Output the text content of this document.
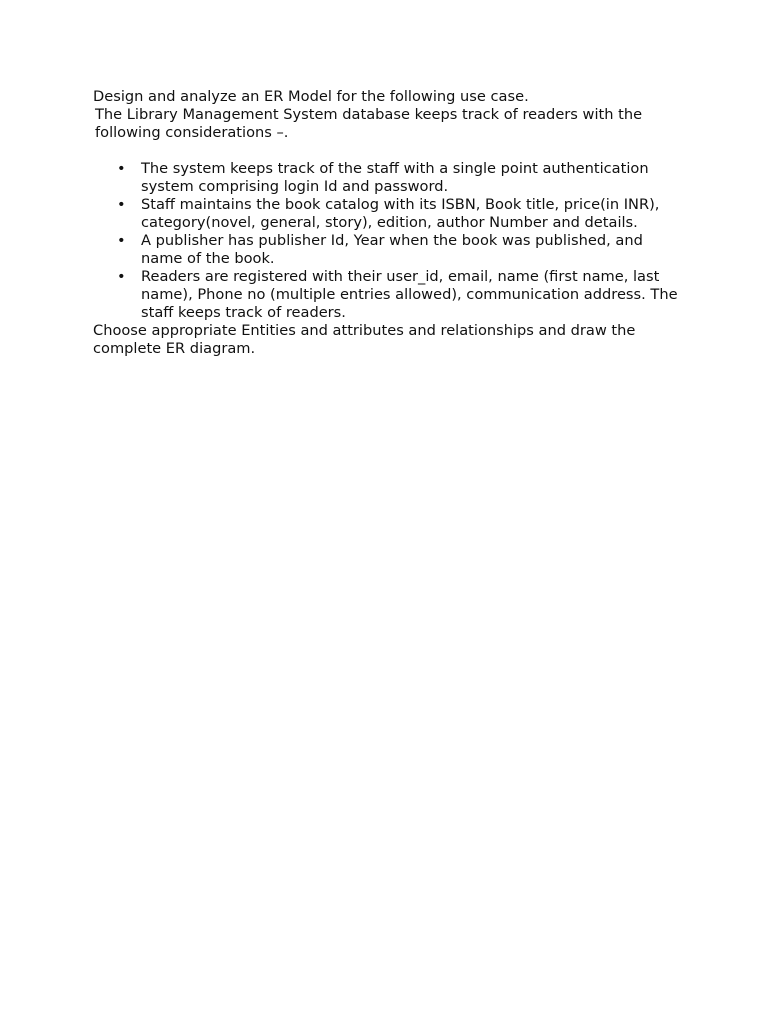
Design and analyze an ER Model for the following use case.

The Library Management System database keeps track of readers with the following considerations –.

• The system keeps track of the staff with a single point authentication system comprising login Id and password.
• Staff maintains the book catalog with its ISBN, Book title, price(in INR), category(novel, general, story), edition, author Number and details.
• A publisher has publisher Id, Year when the book was published, and name of the book.
• Readers are registered with their user_id, email, name (first name, last name), Phone no (multiple entries allowed), communication address. The staff keeps track of readers.

Choose appropriate Entities and attributes and relationships and draw the complete ER diagram.
